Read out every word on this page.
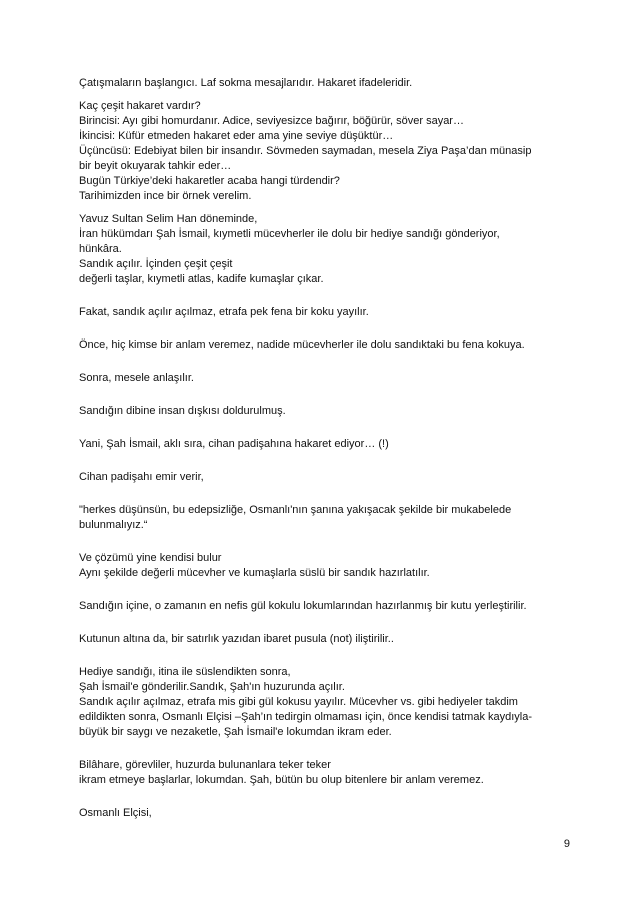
Çatışmaların başlangıcı. Laf sokma mesajlarıdır. Hakaret ifadeleridir.

Kaç çeşit hakaret vardır?
Birincisi: Ayı gibi homurdanır. Adice, seviyesizce bağırır, böğürür, söver sayar…
İkincisi: Küfür etmeden hakaret eder ama yine seviye düşüktür…
Üçüncüsü: Edebiyat bilen bir insandır. Sövmeden saymadan, mesela Ziya Paşa’dan münasip
bir beyit okuyarak tahkir eder…
Bugün Türkiye’deki hakaretler acaba hangi türdendir?
Tarihimizden ince bir örnek verelim.

Yavuz Sultan Selim Han döneminde,
İran hükümdarı Şah İsmail, kıymetli mücevherler ile dolu bir hediye sandığı gönderiyor,
hünkâra.
Sandık açılır. İçinden çeşit çeşit
değerli taşlar, kıymetli atlas, kadife kumaşlar çıkar.

Fakat, sandık açılır açılmaz, etrafa pek fena bir koku yayılır.

Önce, hiç kimse bir anlam veremez, nadide mücevherler ile dolu sandıktaki bu fena kokuya.

Sonra, mesele anlaşılır.

Sandığın dibine insan dışkısı doldurulmuş.

Yani, Şah İsmail, aklı sıra, cihan padişahına hakaret ediyor… (!)

Cihan padişahı emir verir,

"herkes düşünsün, bu edepsizliğe, Osmanlı'nın şanına yakışacak şekilde bir mukabelede
bulunmalıyız.“

Ve çözümü yine kendisi bulur
Aynı şekilde değerli mücevher ve kumaşlarla süslü bir sandık hazırlatılır.

Sandığın içine, o zamanın en nefis gül kokulu lokumlarından hazırlanmış bir kutu yerleştirilir.

Kutunun altına da, bir satırlık yazıdan ibaret pusula (not) iliştirilir..

Hediye sandığı, itina ile süslendikten sonra,
Şah İsmail'e gönderilir.Sandık, Şah'ın huzurunda açılır.
Sandık açılır açılmaz, etrafa mis gibi gül kokusu yayılır. Mücevher vs. gibi hediyeler takdim
edildikten sonra, Osmanlı Elçisi –Şah’ın tedirgin olmaması için, önce kendisi tatmak kaydıyla-
büyük bir saygı ve nezaketle, Şah İsmail'e lokumdan ikram eder.

Bilâhare, görevliler, huzurda bulunanlara teker teker
ikram etmeye başlarlar, lokumdan. Şah, bütün bu olup bitenlere bir anlam veremez.

Osmanlı Elçisi,

9
